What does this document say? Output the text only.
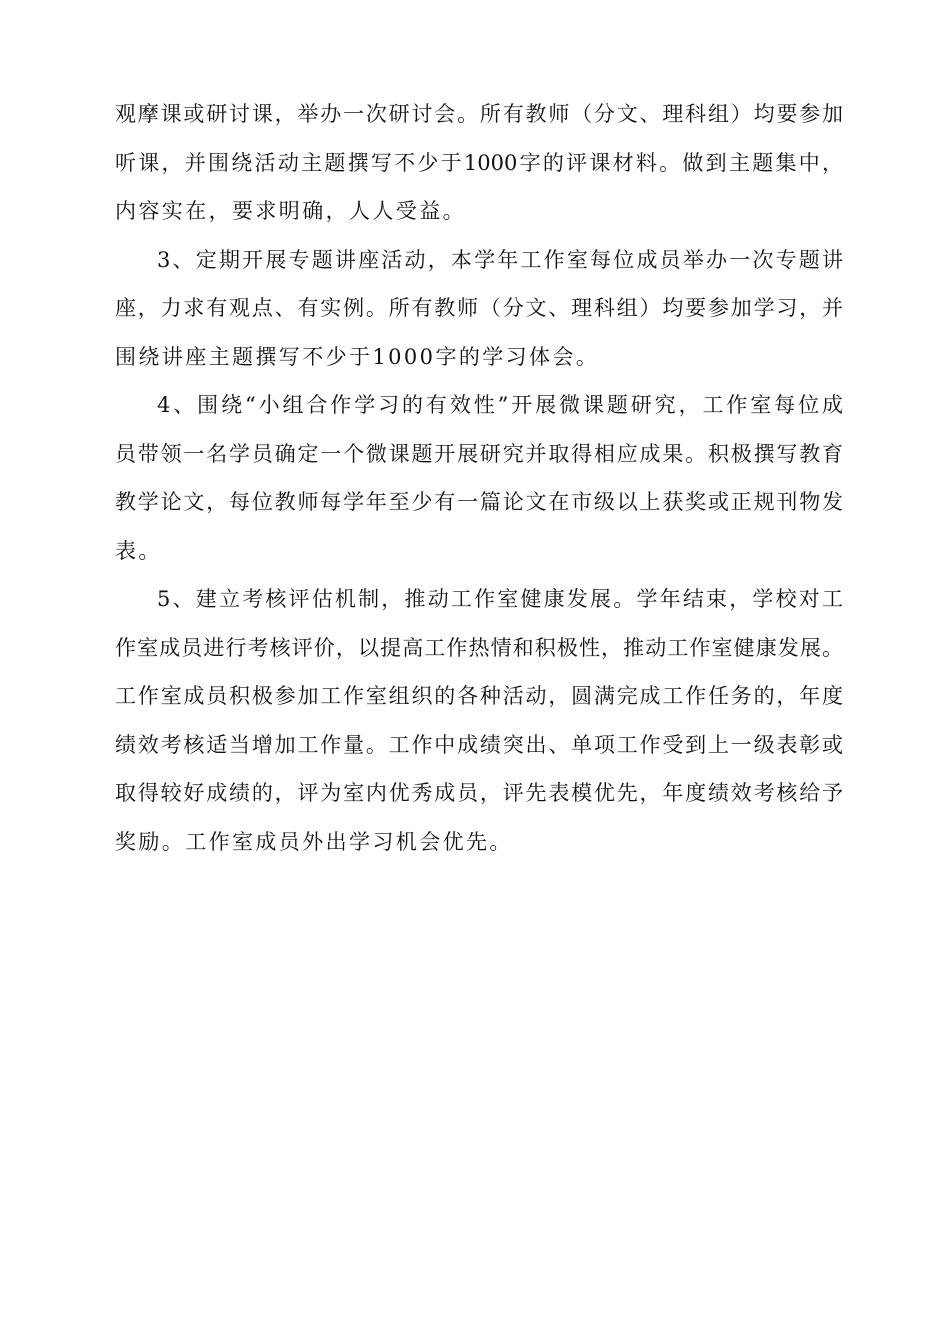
观摩课或研讨课，举办一次研讨会。所有教师（分文、理科组）均要参加
听课，并围绕活动主题撰写不少于1000字的评课材料。做到主题集中，
内容实在，要求明确，人人受益。
3、定期开展专题讲座活动，本学年工作室每位成员举办一次专题讲
座，力求有观点、有实例。所有教师（分文、理科组）均要参加学习，并
围绕讲座主题撰写不少于1000字的学习体会。
4、围绕“小组合作学习的有效性”开展微课题研究，工作室每位成
员带领一名学员确定一个微课题开展研究并取得相应成果。积极撰写教育
教学论文，每位教师每学年至少有一篇论文在市级以上获奖或正规刊物发
表。
5、建立考核评估机制，推动工作室健康发展。学年结束，学校对工
作室成员进行考核评价，以提高工作热情和积极性，推动工作室健康发展。
工作室成员积极参加工作室组织的各种活动，圆满完成工作任务的，年度
绩效考核适当增加工作量。工作中成绩突出、单项工作受到上一级表彰或
取得较好成绩的，评为室内优秀成员，评先表模优先，年度绩效考核给予
奖励。工作室成员外出学习机会优先。
